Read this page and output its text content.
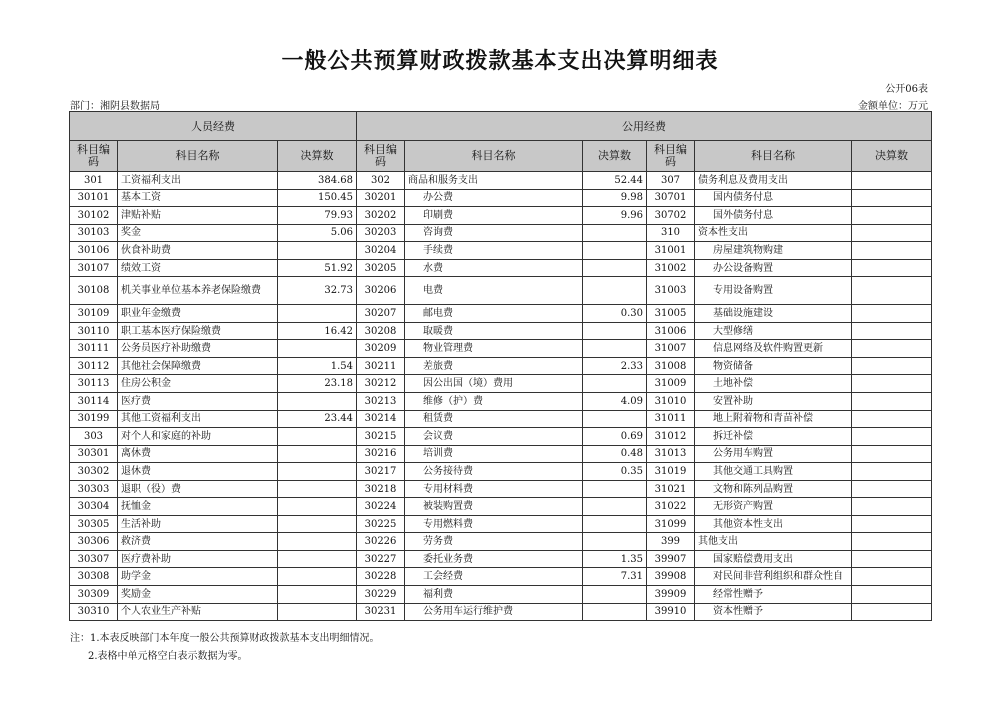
一般公共预算财政拨款基本支出决算明细表
公开06表
部门：湘阴县数据局	金额单位：万元
人员经费			公用经费					
科目编码	科目名称	决算数	科目编码	科目名称	决算数	科目编码	科目名称	决算数
301	工资福利支出	384.68	302	商品和服务支出	52.44	307	债务利息及费用支出	
30101	基本工资	150.45	30201	办公费	9.98	30701	国内债务付息	
30102	津贴补贴	79.93	30202	印刷费	9.96	30702	国外债务付息	
30103	奖金	5.06	30203	咨询费		310	资本性支出	
30106	伙食补助费		30204	手续费		31001	房屋建筑物购建	
30107	绩效工资	51.92	30205	水费		31002	办公设备购置	
30108	机关事业单位基本养老保险缴费	32.73	30206	电费		31003	专用设备购置	
30109	职业年金缴费		30207	邮电费	0.30	31005	基础设施建设	
30110	职工基本医疗保险缴费	16.42	30208	取暖费		31006	大型修缮	
30111	公务员医疗补助缴费		30209	物业管理费		31007	信息网络及软件购置更新	
30112	其他社会保障缴费	1.54	30211	差旅费	2.33	31008	物资储备	
30113	住房公积金	23.18	30212	因公出国（境）费用		31009	土地补偿	
30114	医疗费		30213	维修（护）费	4.09	31010	安置补助	
30199	其他工资福利支出	23.44	30214	租赁费		31011	地上附着物和青苗补偿	
303	对个人和家庭的补助		30215	会议费	0.69	31012	拆迁补偿	
30301	离休费		30216	培训费	0.48	31013	公务用车购置	
30302	退休费		30217	公务接待费	0.35	31019	其他交通工具购置	
30303	退职（役）费		30218	专用材料费		31021	文物和陈列品购置	
30304	抚恤金		30224	被装购置费		31022	无形资产购置	
30305	生活补助		30225	专用燃料费		31099	其他资本性支出	
30306	救济费		30226	劳务费		399	其他支出	
30307	医疗费补助		30227	委托业务费	1.35	39907	国家赔偿费用支出	
30308	助学金		30228	工会经费	7.31	39908	对民间非营利组织和群众性自	
30309	奖励金		30229	福利费		39909	经常性赠予	
30310	个人农业生产补贴		30231	公务用车运行维护费		39910	资本性赠予	
注：1.本表反映部门本年度一般公共预算财政拨款基本支出明细情况。
2.表格中单元格空白表示数据为零。
